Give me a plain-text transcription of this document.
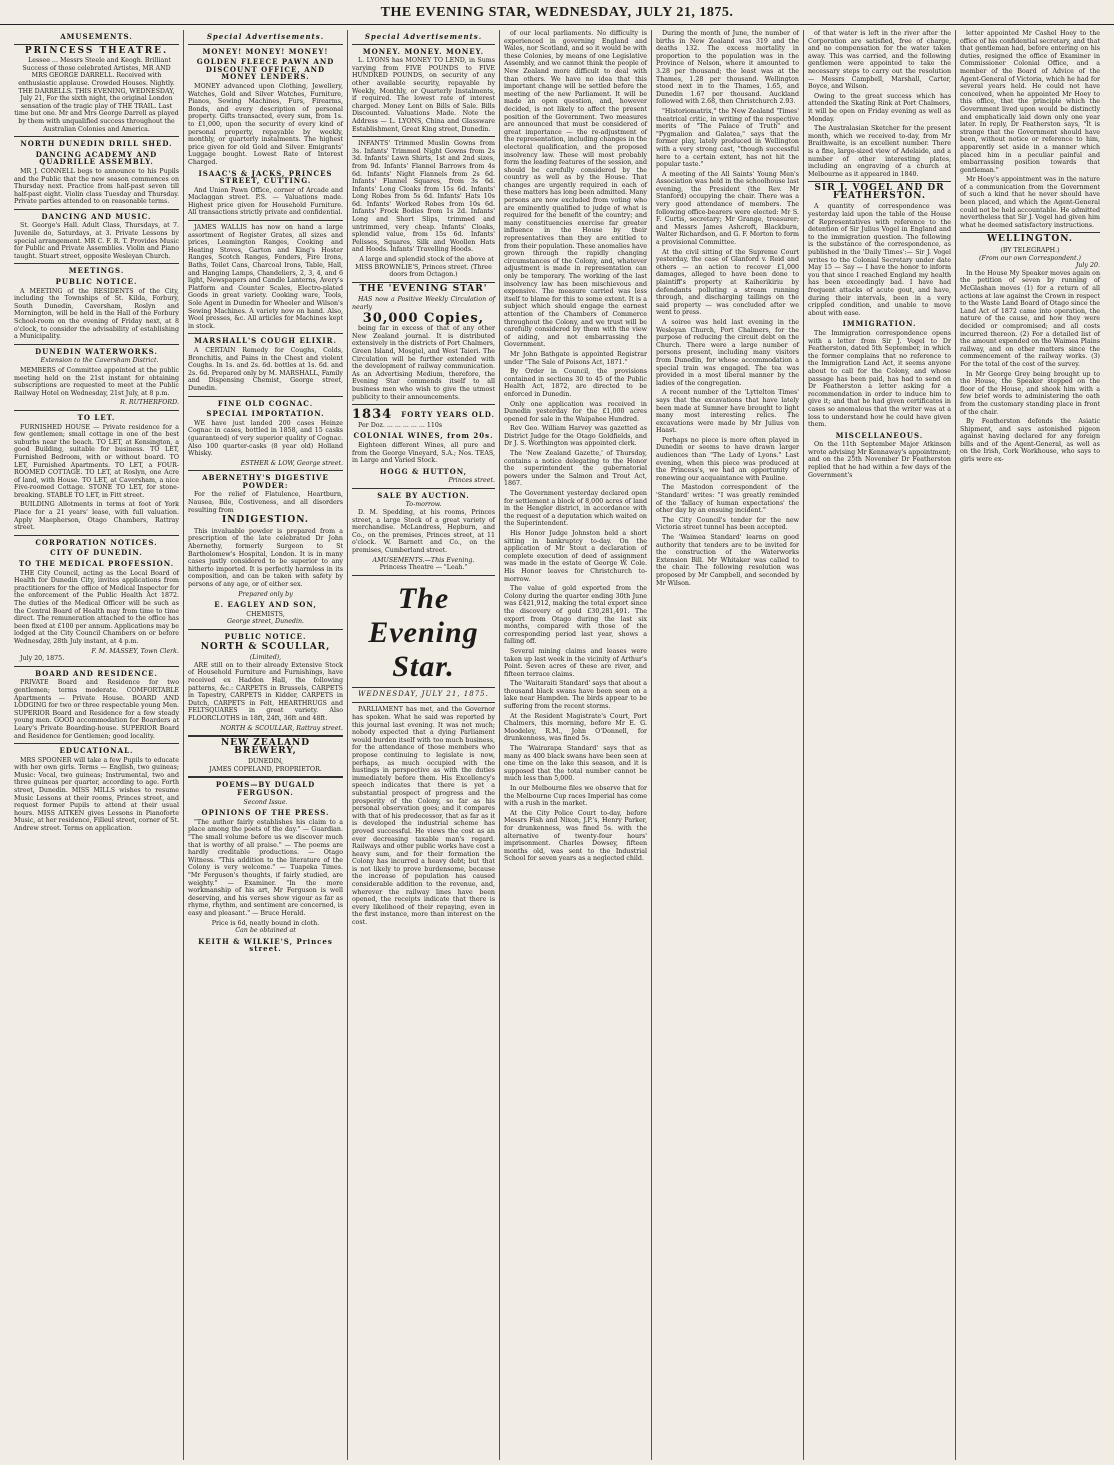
THE EVENING STAR, WEDNESDAY, JULY 21, 1875.
AMUSEMENTS.
PRINCESS THEATRE.
Lessee ... Messrs Steele and Keogh. Brilliant Success of those celebrated Artistes, MR AND MRS GEORGE DARRELL. Received with enthusiastic applause. Crowded Houses. Nightly. THE DARRELLS. THIS EVENING, WEDNESDAY, July 21, For the sixth night, the original London sensation of the tragic play of THE TRAIL. Last time but one. Mr and Mrs George Darrell as played by them with unqualified success throughout the Australian Colonies and America.
NORTH DUNEDIN DRILL SHED.
DANCING ACADEMY AND QUADRILLE ASSEMBLY.
MR J. CONNELL begs to announce to his Pupils and the Public that the new season commences on Thursday next. Practice from half-past seven till half-past eight. Violin class Tuesday and Thursday. Private parties attended to on reasonable terms.
DANCING AND MUSIC.
St. George's Hall. Adult Class, Thursdays, at 7. Juvenile do, Saturdays, at 3. Private Lessons by special arrangement. MR C. F. R. T. Provides Music for Public and Private Assemblies. Violin and Piano taught. Stuart street, opposite Wesleyan Church.
MEETINGS.
PUBLIC NOTICE.
A MEETING of the RESIDENTS of the City, including the Townships of St. Kilda, Forbury, South Dunedin, Caversham, Roslyn and Mornington, will be held in the Hall of the Forbury School-room on the evening of Friday next, at 8 o'clock, to consider the advisability of establishing a Municipality.
DUNEDIN WATERWORKS.
Extension to the Caversham District.
MEMBERS of Committee appointed at the public meeting held on the 21st instant for obtaining subscriptions are requested to meet at the Public Railway Hotel on Wednesday, 21st July, at 8 p.m.
R. RUTHERFORD.
TO LET.
FURNISHED HOUSE — Private residence for a few gentlemen; small cottage in one of the best suburbs near the beach. TO LET, at Kensington, a good Building, suitable for business. TO LET, Furnished Bedroom, with or without board. TO LET, Furnished Apartments. TO LET, a FOUR-ROOMED COTTAGE. TO LET, at Roslyn, one Acre of land, with House. TO LET, at Caversham, a nice Five-roomed Cottage. STONE TO LET, for stone-breaking. STABLE TO LET, in Fitt street.
BUILDING Allotments in terms at foot of York Place for a 21 years' lease, with full valuation. Apply Maepherson, Otago Chambers, Rattray street.
CORPORATION NOTICES.
CITY OF DUNEDIN.
TO THE MEDICAL PROFESSION.
THE City Council, acting as the Local Board of Health for Dunedin City, invites applications from practitioners for the office of Medical Inspector for the enforcement of the Public Health Act 1872. The duties of the Medical Officer will be such as the Central Board of Health may from time to time direct. The remuneration attached to the office has been fixed at £100 per annum. Applications may be lodged at the City Council Chambers on or before Wednesday, 28th July instant, at 4 p.m.
F. M. MASSEY, Town Clerk.
July 20, 1875.
BOARD AND RESIDENCE.
PRIVATE Board and Residence for two gentlemen; terms moderate. COMFORTABLE Apartments — Private House. BOARD AND LODGING for two or three respectable young Men. SUPERIOR Board and Residence for a few steady young men. GOOD accommodation for Boarders at Leary's Private Boarding-house. SUPERIOR Board and Residence for Gentlemen; good locality.
EDUCATIONAL.
MRS SPOONER will take a few Pupils to educate with her own girls. Terms — English, two guineas; Music: Vocal, two guineas; Instrumental, two and three guineas per quarter, according to age. Forth street, Dunedin. MISS MILLS wishes to resume Music Lessons at their rooms, Princes street, and request former Pupils to attend at their usual hours. MISS AITKEN gives Lessons in Pianoforte Music, at her residence, Filleul street, corner of St. Andrew street. Terms on application.
Special Advertisements.
MONEY! MONEY! MONEY!
GOLDEN FLEECE PAWN AND DISCOUNT OFFICE, AND MONEY LENDERS.
MONEY advanced upon Clothing, Jewellery, Watches, Gold and Silver Watches, Furniture, Pianos, Sewing Machines, Furs, Firearms, Bonds, and every description of personal property. Gifts transacted, every sum, from 1s. to £1,000, upon the security of every kind of personal property, repayable by weekly, monthly, or quarterly instalments. The highest price given for old Gold and Silver. Emigrants' Luggage bought. Lowest Rate of Interest Charged.
ISAAC'S & JACKS, PRINCES STREET, CUTTING.
And Union Pawn Office, corner of Arcade and Maclaggan street. P.S. — Valuations made. Highest price given for Household Furniture. All transactions strictly private and confidential.
JAMES WALLIS has now on hand a large assortment of Register Grates, all sizes and prices, Leamington Ranges, Cooking and Heating Stoves, Garton and King's Hoster Ranges, Scotch Ranges, Fenders, Fire Irons, Baths, Toilet Cans, Charcoal Irons, Table, Hall, and Hanging Lamps, Chandeliers, 2, 3, 4, and 6 light, Newspapers and Candle Lanterns, Avery's Platform and Counter Scales, Electro-plated Goods in great variety. Cooking ware, Tools, Sole Agent in Dunedin for Wheeler and Wilson's Sewing Machines. A variety now on hand. Also, Wool presses, &c. All articles for Machines kept in stock.
MARSHALL'S COUGH ELIXIR.
A CERTAIN Remedy for Coughs, Colds, Bronchitis, and Pains in the Chest and violent Coughs. In 1s. and 2s. 6d. bottles at 1s. 6d. and 2s. 6d. Prepared only by M. MARSHALL, Family and Dispensing Chemist, George street, Dunedin.
FINE OLD COGNAC.
SPECIAL IMPORTATION.
WE have just landed 200 cases Heinze Cognac in cases, bottled in 1858, and 15 casks (guaranteed) of very superior quality of Cognac. Also 100 quarter-casks (8 year old) Holland Whisky.
ESTHER & LOW, George street.
ABERNETHY'S DIGESTIVE POWDER:
For the relief of Flatulence, Heartburn, Nausea, Bile, Costiveness, and all disorders resulting from
INDIGESTION.
This invaluable powder is prepared from a prescription of the late celebrated Dr John Abernethy, formerly Surgeon to St Bartholomew's Hospital, London. It is in many cases justly considered to be superior to any hitherto imported. It is perfectly harmless in its composition, and can be taken with safety by persons of any age, or of either sex.
Prepared only by
E. EAGLEY AND SON,
CHEMISTS,
George street, Dunedin.
PUBLIC NOTICE.
NORTH & SCOULLAR,
(Limited),
ARE still on to their already Extensive Stock of Household Furniture and Furnishings, have received ex Haddon Hall, the following patterns, &c.: CARPETS in Brussels, CARPETS in Tapestry, CARPETS in Kidder, CARPETS in Dutch, CARPETS in Felt, HEARTHRUGS and FELTSQUARES in great variety. Also FLOORCLOTHS in 18ft, 24ft, 36ft and 48ft.
NORTH & SCOULLAR, Rattray street.
NEW ZEALAND BREWERY,
DUNEDIN,
JAMES COPELAND, PROPRIETOR.
POEMS—BY DUGALD FERGUSON.
Second Issue.
OPINIONS OF THE PRESS.
"The author fairly establishes his claim to a place among the poets of the day." — Guardian. "The small volume before us we discover much that is worthy of all praise." — The poems are hardly creditable productions. — Otago Witness. "This addition to the literature of the Colony is very welcome." — Tuapeka Times. "Mr Ferguson's thoughts, if fairly studied, are weighty." — Examiner. "In the more workmanship of his art, Mr Ferguson is well deserving, and his verses show vigour as far as rhyme, rhythm, and sentiment are concerned, is easy and pleasant." — Bruce Herald.
Price is 6d, neatly bound in cloth.
Can be obtained at
KEITH & WILKIE'S, Princes street.
Special Advertisements.
MONEY. MONEY. MONEY.
L. LYONS has MONEY TO LEND, in Sums varying from FIVE POUNDS to FIVE HUNDRED POUNDS, on security of any other available security, repayable by Weekly, Monthly, or Quarterly Instalments, if required. The lowest rate of interest charged. Money Lent on Bills of Sale. Bills Discounted. Valuations Made. Note the Address — L. LYONS, China and Glassware Establishment, Great King street, Dunedin.
INFANTS' Trimmed Muslin Gowns from 3s. Infants' Trimmed Night Gowns from 2s 3d. Infants' Lawn Shirts, 1st and 2nd sizes, from 9d. Infants' Flannel Barrows from 4s 6d. Infants' Night Flannels from 2s 6d. Infants' Flannel Squares, from 3s 6d. Infants' Long Cloaks from 15s 6d. Infants' Long Robes from 5s 6d. Infants' Hats 10s 6d. Infants' Worked Robes from 10s 6d. Infants' Frock Bodies from 1s 2d. Infants' Long and Short Slips, trimmed and untrimmed, very cheap. Infants' Cloaks, splendid value, from 15s 6d. Infants' Pelisses, Squares, Silk and Woollen Hats and Hoods. Infants' Travelling Hoods.
A large and splendid stock of the above at MISS BROWNLIE'S, Princes street. (Three doors from Octagon.)
THE 'EVENING STAR'
HAS now a Positive Weekly Circulation of nearly
30,000 Copies,
being far in excess of that of any other New Zealand journal. It is distributed extensively in the districts of Port Chalmers, Green Island, Mosgiel, and West Taieri. The Circulation will be further extended with the development of railway communication. As an Advertising Medium, therefore, the Evening Star commends itself to all business men who wish to give the utmost publicity to their announcements.
1834 FORTY YEARS OLD.
Per Doz. ... ... ... ... ... 110s
COLONIAL WINES, from 20s.
Eighteen different Wines, all pure and from the George Vineyard, S.A.; Nos. TEAS, in Large and Varied Stock.
HOGG & HUTTON,
Princes street.
SALE BY AUCTION.
To-morrow.
D. M. Spedding, at his rooms, Princes street, a large Stock of a great variety of merchandise. McLandress, Hepburn, and Co., on the premises, Princes street, at 11 o'clock. W. Barnett and Co., on the premises, Cumberland street.
AMUSEMENTS.—This Evening.
Princess Theatre — "Leah."
The Evening Star.
WEDNESDAY, JULY 21, 1875.
PARLIAMENT has met, and the Governor has spoken. What he said was reported by this journal last evening. It was not much; nobody expected that a dying Parliament would burden itself with too much business, for the attendance of those members who propose continuing to legislate is now, perhaps, as much occupied with the hustings in perspective as with the duties immediately before them. His Excellency's speech indicates that there is yet a substantial prospect of progress and the prosperity of the Colony, so far as his personal observation goes; and it compares with that of his predecessor, that as far as it is developed the industrial scheme has proved successful. He views the cost as an ever decreasing taxable man's regard. Railways and other public works have cost a heavy sum, and for their formation the Colony has incurred a heavy debt; but that is not likely to prove burdensome, because the increase of population has caused considerable addition to the revenue, and, wherever the railway lines have been opened, the receipts indicate that there is every likelihood of their repaying, even in the first instance, more than interest on the cost.
of our local parliaments. No difficulty is experienced in governing England and Wales, nor Scotland, and so it would be with these Colonies, by means of one Legislative Assembly, and we cannot think the people of New Zealand more difficult to deal with than others. We have no idea that this important change will be settled before the meeting of the new Parliament. It will be made an open question, and, however decided, is not likely to affect the present position of the Government. Two measures are announced that must be considered of great importance — the re-adjustment of the representation, including changes in the electoral qualification, and the proposed insolvency law. These will most probably form the leading features of the session, and should be carefully considered by the country as well as by the House. That changes are urgently required in each of these matters has long been admitted. Many persons are now excluded from voting who are eminently qualified to judge of what is required for the benefit of the country; and many constituencies exercise far greater influence in the House by their representatives than they are entitled to from their population. These anomalies have grown through the rapidly changing circumstances of the Colony, and, whatever adjustment is made in representation can only be temporary. The working of the last insolvency law has been mischievous and expensive. The measure carried was less itself to blame for this to some extent. It is a subject which should engage the earnest attention of the Chambers of Commerce throughout the Colony, and we trust will be carefully considered by them with the view of aiding, and not embarrassing the Government.
Mr John Bathgate is appointed Registrar under "The Sale of Poisons Act, 1871."
By Order in Council, the provisions contained in sections 30 to 45 of the Public Health Act, 1872, are directed to be enforced in Dunedin.
Only one application was received in Dunedin yesterday for the £1,000 acres opened for sale in the Waipahee Hundred.
Rev Geo. William Harvey was gazetted as District Judge for the Otago Goldfields, and Dr J. S. Worthington was appointed clerk.
The 'New Zealand Gazette,' of Thursday, contains a notice delegating to the Honor the superintendent the gubernatorial powers under the Salmon and Trout Act, 1867.
The Government yesterday declared open for settlement a block of 8,000 acres of land in the Hengler district, in accordance with the request of a deputation which waited on the Superintendent.
His Honor Judge Johnston held a short sitting in bankruptcy to-day. On the application of Mr Stout a declaration of complete execution of deed of assignment was made in the estate of George W. Cole. His Honor leaves for Christchurch to-morrow.
The value of gold exported from the Colony during the quarter ending 30th June was £421,912, making the total export since the discovery of gold £30,281,491. The export from Otago during the last six months, compared with those of the corresponding period last year, shows a falling off.
Several mining claims and leases were taken up last week in the vicinity of Arthur's Point. Seven acres of these are river, and fifteen terrace claims.
The 'Waitaraiti Standard' says that about a thousand black swans have been seen on a lake near Hampden. The birds appear to be suffering from the recent storms.
At the Resident Magistrate's Court, Port Chalmers, this morning, before Mr E. G. Moodeley, R.M., John O'Donnell, for drunkenness, was fined 5s.
The 'Wairarapa Standard' says that as many as 400 black swans have been seen at one time on the lake this season, and it is supposed that the total number cannot be much less than 5,000.
In our Melbourne files we observe that for the Melbourne Cup races Imperial has come with a rush in the market.
At the City Police Court to-day, before Messrs Fish and Nixon, J.P.'s, Henry Parker, for drunkenness, was fined 5s. with the alternative of twenty-four hours' imprisonment. Charles Dowsey, fifteen months old, was sent to the Industrial School for seven years as a neglected child.
During the month of June, the number of births in New Zealand was 319 and the deaths 132. The excess mortality in proportion to the population was in the Province of Nelson, where it amounted to 3.28 per thousand; the least was at the Thames, 1.28 per thousand. Wellington stood next in to the Thames, 1.65, and Dunedin 1.67 per thousand. Auckland followed with 2.68, then Christchurch 2.93.
"Historiomatrix," the New Zealand 'Times' theatrical critic, in writing of the respective merits of "The Palace of Truth" and "Pygmalion and Galatea," says that the former play, lately produced in Wellington with a very strong cast, "though successful here to a certain extent, has not hit the popular taste."
A meeting of the All Saints' Young Men's Association was held in the schoolhouse last evening, the President (the Rev. Mr Stanford) occupying the chair. There was a very good attendance of members. The following office-bearers were elected: Mr S. F. Curtis, secretary; Mr Grange, treasurer; and Messrs James Ashcroft, Blackburn, Walter Richardson, and G. F. Morton to form a provisional Committee.
At the civil sitting of the Supreme Court yesterday, the case of Glanford v. Reid and others — an action to recover £1,000 damages, alleged to have been done to plaintiff's property at Kaiherikiriu by defendants polluting a stream running through, and discharging tailings on the said property — was concluded after we went to press.
A soiree was held last evening in the Wesleyan Church, Port Chalmers, for the purpose of reducing the circuit debt on the Church. There were a large number of persons present, including many visitors from Dunedin, for whose accommodation a special train was engaged. The tea was provided in a most liberal manner by the ladies of the congregation.
A recent number of the 'Lyttelton Times' says that the excavations that have lately been made at Sumner have brought to light many most interesting relics. The excavations were made by Mr Julius von Haast.
Perhaps no piece is more often played in Dunedin or seems to have drawn larger audiences than "The Lady of Lyons." Last evening, when this piece was produced at the Princess's, we had an opportunity of renewing our acquaintance with Pauline.
The Mastodon correspondent of the 'Standard' writes: "I was greatly reminded of the 'fallacy of human expectations' the other day by an ensuing incident."
The City Council's tender for the new Victoria street tunnel has been accepted.
The 'Waimea Standard' learns on good authority that tenders are to be invited for the construction of the Waterworks Extension Bill. Mr Whitaker was called to the chair. The following resolution was proposed by Mr Campbell, and seconded by Mr Wilson.
of that water is left in the river after the Corporation are satisfied, free of charge, and no compensation for the water taken away. This was carried, and the following gentlemen were appointed to take the necessary steps to carry out the resolution — Messrs Campbell, Marshall, Carter, Boyce, and Wilson.
Owing to the great success which has attended the Skating Rink at Port Chalmers, it will be open on Friday evening as well as Monday.
The Australasian Sketcher for the present month, which we received to-day, from Mr Braithwaite, is an excellent number. There is a fine, large-sized view of Adelaide, and a number of other interesting plates, including an engraving of a church at Melbourne as it appeared in 1840.
SIR J. VOGEL AND DR FEATHERSTON.
A quantity of correspondence was yesterday laid upon the table of the House of Representatives with reference to the detention of Sir Julius Vogel in England and to the immigration question. The following is the substance of the correspondence, as published in the 'Daily Times':— Sir J. Vogel writes to the Colonial Secretary under date May 15 — Say — I have the honor to inform you that since I reached England my health has been exceedingly bad. I have had frequent attacks of acute gout, and have, during their intervals, been in a very crippled condition, and unable to move about with ease.
IMMIGRATION.
The Immigration correspondence opens with a letter from Sir J. Vogel to Dr Featherston, dated 5th September, in which the former complains that no reference to the Immigration Land Act, it seems anyone about to call for the Colony, and whose passage has been paid, has had to send on Dr Featherston a letter asking for a recommendation in order to induce him to give it; and that he had given certificates in cases so anomalous that the writer was at a loss to understand how he could have given them.
MISCELLANEOUS.
On the 11th September Major Atkinson wrote advising Mr Kennaway's appointment; and on the 25th November Dr Featherston replied that he had within a few days of the Government's
letter appointed Mr Cashel Hoey to the office of his confidential secretary, and that that gentleman had, before entering on his duties, resigned the office of Examiner in Commissioner Colonial Office, and a member of the Board of Advice of the Agent-General of Victoria, which he had for several years held. He could not have conceived, when he appointed Mr Hoey to this office, that the principle which the Government lived upon would be distinctly and emphatically laid down only one year later. In reply, Dr Featherston says, "It is strange that the Government should have been, without notice or reference to him, apparently set aside in a manner which placed him in a peculiar painful and embarrassing position towards that gentleman."
Mr Hoey's appointment was in the nature of a communication from the Government of such a kind that he never should have been placed, and which the Agent-General could not be held accountable. He admitted nevertheless that Sir J. Vogel had given him what he deemed satisfactory instructions.
WELLINGTON.
(BY TELEGRAPH.)
(From our own Correspondent.)
July 20.
In the House My Speaker moves again on the petition of seven by running of McGlashan moves (1) for a return of all actions at law against the Crown in respect to the Waste Land Board of Otago since the Land Act of 1872 came into operation, the nature of the cause, and how they were decided or compromised; and all costs incurred thereon. (2) For a detailed list of the amount expended on the Waimea Plains railway, and on other matters since the commencement of the railway works. (3) For the total of the cost of the survey.
In Mr George Grey being brought up to the House, the Speaker stepped on the floor of the House, and shook him with a few brief words to administering the oath from the customary standing place in front of the chair.
By Featherston defends the Asiatic Shipment, and says astonished pigeon against having declared for any foreign bills and of the Agent-General, as well as on the Irish, Cork Workhouse, who says to girls were ex-
